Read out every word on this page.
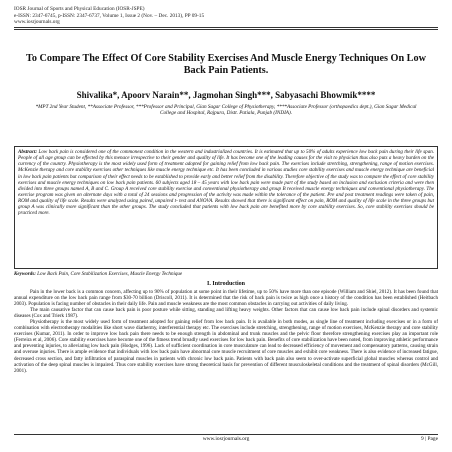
IOSR Journal of Sports and Physical Education (IOSR-JSPE)
e-ISSN: 2347-6745, p-ISSN: 2347-6737, Volume 1, Issue 2 (Nov. – Dec. 2013), PP 09-15
www.iosrjournals.org
To Compare The Effect Of Core Stability Exercises And Muscle Energy Techniques On Low Back Pain Patients.
Shivalika*, Apoorv Narain**, Jagmohan Singh***, Sabyasachi Bhowmik****
*MPT 2nd Year Student, **Associate Professor, ***Professor and Principal, Gian Sagar College of Physiotherapy, ****Associate Professor (orthopaedics dept.), Gian Sagar Medical College and Hospital, Rajpura, Distt. Patiala, Punjab (INDIA).
Abstract: Low back pain is considered one of the commonest condition in the western and industrialized countries. It is estimated that up to 50% of adults experience low back pain during their life span. People of all age group can be effected by this menace irrespective to their gender and quality of life. It has become one of the leading causes for the visit to physician thus also puts a heavy burden on the currency of the country. Physiotherapy is the most widely used form of treatment adopted for gaining relief from low back pain. The exercises include stretching, strengthening, range of motion exercises. McKenzie therapy and core stability exercises other techniques like muscle energy technique etc. It has been concluded in various studies core stability exercises and muscle energy technique are beneficial in low back pain patients but comparison of their effect needs to be established to provide early and better relief from the disability. Therefore objective of the study was to compare the effect of core stability exercises and muscle energy techniques on low back pain patients. 60 subjects aged 18 – 45 years with low back pain were made part of the study based on inclusion and exclusion criteria and were then divided into three groups named A, B and C. Group A received core stability exercise and conventional physiotherapy and group B received muscle energy techniques and conventional physiotherapy. The exercise program was given on alternate days with a total of 24 sessions and progression of the activity was made within the tolerance of the patient. Pre and post treatment readings were taken of pain, ROM and quality of life scale. Results were analyzed using paired, unpaired t- test and ANOVA. Results showed that there is significant effect on pain, ROM and quality of life scale in the three groups but group A was clinically more significant than the other groups. The study concluded that patients with low back pain are benefited more by core stability exercises. So, core stability exercises should be practiced more.
Keywords: Low Back Pain, Core Stabilization Exercises, Muscle Energy Technique
I. Introduction

Pain in the lower back is a common concern, affecting up to 90% of population at some point in their lifetime, up to 50% have more than one episode (William and Shiel, 2012). It has been found that annual expenditure on the low back pain range from $30-70 billion (Driscoll, 2011). It is determined that the risk of back pain is twice as high once a history of the condition has been established (Heitbach 2003). Population is facing number of obstacles in their daily life. Pain and muscle weakness are the most common obstacles in carrying out activities of daily living.

The main causative factor that can cause back pain is poor posture while sitting, standing and lifting heavy weights. Other factors that can cause low back pain include spinal disorders and systemic diseases (Cox and Trierk 1987).

Physiotherapy is the most widely used form of treatment adopted for gaining relief from low back pain. It is available in both modes, as single line of treatment including exercises or in a form of combination with electrotherapy modalities like short wave diathermy, interferential therapy etc. The exercises include stretching, strengthening, range of motion exercises, McKenzie therapy and core stability exercises (Kumar, 2011). In order to improve low back pain there needs to be enough strength in abdominal and trunk muscles and the pelvic floor therefore strengthening exercises play an important role (Ferreira et al, 2006). Core stability exercises have become one of the fitness trend broadly used exercises for low back pain. Benefits of core stabilization have been noted, from improving athletic performance and preventing injuries, to alleviating low back pain (Hodges, 1996). Lack of sufficient coordination in core musculature can lead to decreased efficiency of movement and compensatory patterns, causing strain and overuse injuries. There is ample evidence that individuals with low back pain have abnormal core muscle recruitment of core muscles and exhibit core weakness. There is also evidence of increased fatigue, decreased cross section, and fatty infiltration of paraspinal muscles in patients with chronic low back pain. Patients with back pain also seem to over-activate superficial global muscles whereas control and activation of the deep spinal muscles is impaired. Thus core stability exercises have strong theoretical basis for prevention of different musculoskeletal conditions and the treatment of spinal disorders (McGill, 2001).

www.iosrjournals.org	9 | Page
